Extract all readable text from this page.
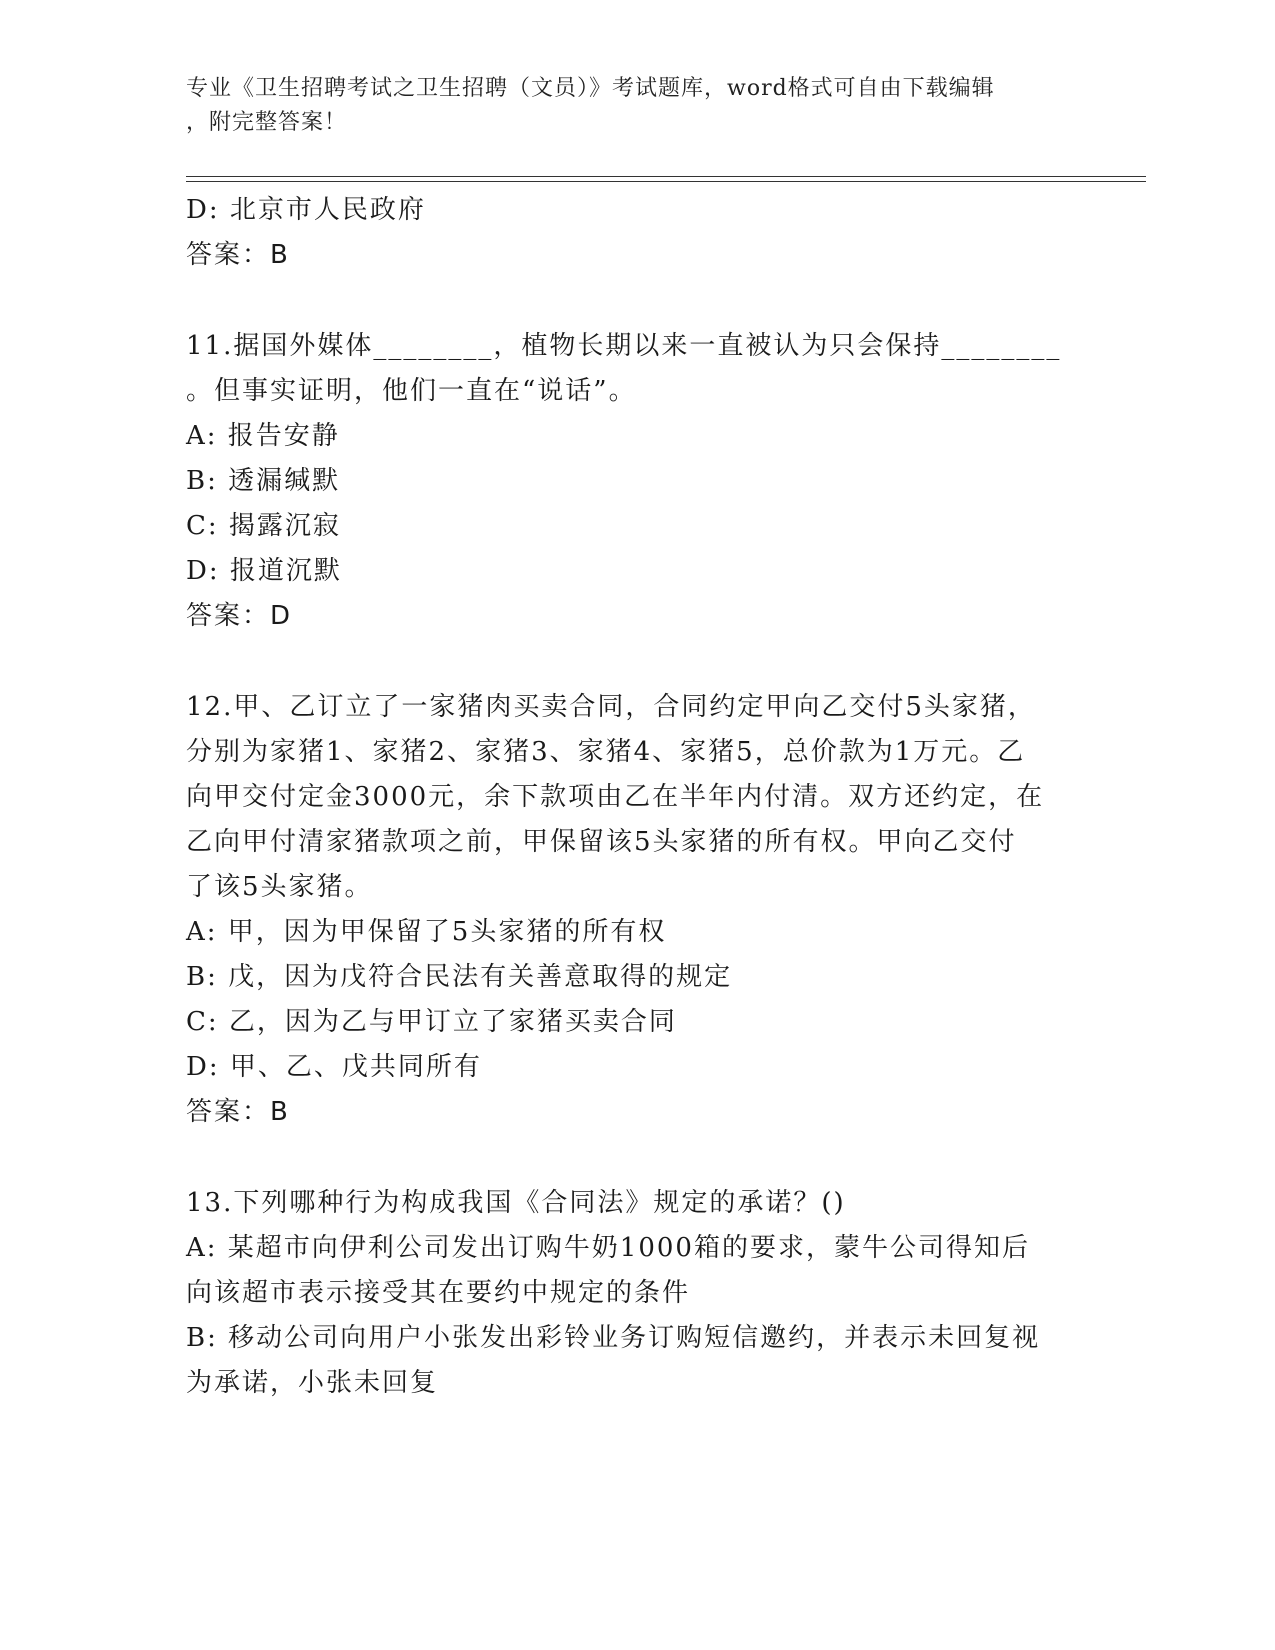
专业《卫生招聘考试之卫生招聘（文员）》考试题库，word格式可自由下载编辑
，附完整答案！
D: 北京市人民政府
答案：B
11.据国外媒体________，植物长期以来一直被认为只会保持________
。但事实证明，他们一直在“说话”。
A: 报告安静
B: 透漏缄默
C: 揭露沉寂
D: 报道沉默
答案：D
12.甲、乙订立了一家猪肉买卖合同，合同约定甲向乙交付5头家猪，
分别为家猪1、家猪2、家猪3、家猪4、家猪5，总价款为1万元。乙
向甲交付定金3000元，余下款项由乙在半年内付清。双方还约定，在
乙向甲付清家猪款项之前，甲保留该5头家猪的所有权。甲向乙交付
了该5头家猪。
A: 甲，因为甲保留了5头家猪的所有权
B: 戊，因为戊符合民法有关善意取得的规定
C: 乙，因为乙与甲订立了家猪买卖合同
D: 甲、乙、戊共同所有
答案：B
13.下列哪种行为构成我国《合同法》规定的承诺？()
A: 某超市向伊利公司发出订购牛奶1000箱的要求，蒙牛公司得知后
向该超市表示接受其在要约中规定的条件
B: 移动公司向用户小张发出彩铃业务订购短信邀约，并表示未回复视
为承诺，小张未回复
